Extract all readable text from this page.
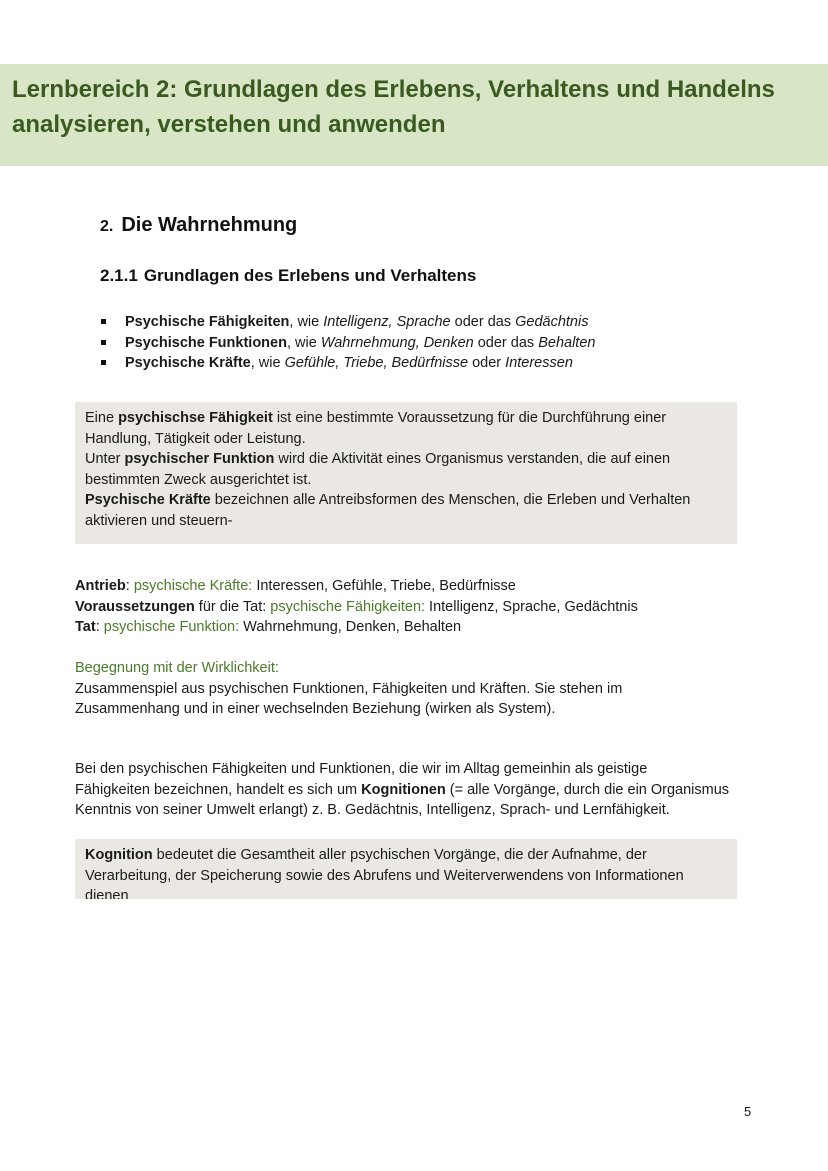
Lernbereich 2: Grundlagen des Erlebens, Verhaltens und Handelns
analysieren, verstehen und anwenden
2. Die Wahrnehmung
2.1.1 Grundlagen des Erlebens und Verhaltens
Psychische Fähigkeiten, wie Intelligenz, Sprache oder das Gedächtnis
Psychische Funktionen, wie Wahrnehmung, Denken oder das Behalten
Psychische Kräfte, wie Gefühle, Triebe, Bedürfnisse oder Interessen
Eine psychischse Fähigkeit ist eine bestimmte Voraussetzung für die Durchführung einer
Handlung, Tätigkeit oder Leistung.
Unter psychischer Funktion wird die Aktivität eines Organismus verstanden, die auf einen
bestimmten Zweck ausgerichtet ist.
Psychische Kräfte bezeichnen alle Antreibsformen des Menschen, die Erleben und Verhalten
aktivieren und steuern-
Antrieb: psychische Kräfte: Interessen, Gefühle, Triebe, Bedürfnisse
Voraussetzungen für die Tat: psychische Fähigkeiten: Intelligenz, Sprache, Gedächtnis
Tat: psychische Funktion: Wahrnehmung, Denken, Behalten
Begegnung mit der Wirklichkeit:
Zusammenspiel aus psychischen Funktionen, Fähigkeiten und Kräften. Sie stehen im
Zusammenhang und in einer wechselnden Beziehung (wirken als System).
Bei den psychischen Fähigkeiten und Funktionen, die wir im Alltag gemeinhin als geistige
Fähigkeiten bezeichnen, handelt es sich um Kognitionen (= alle Vorgänge, durch die ein Organismus
Kenntnis von seiner Umwelt erlangt) z. B. Gedächtnis, Intelligenz, Sprach- und Lernfähigkeit.
Kognition bedeutet die Gesamtheit aller psychischen Vorgänge, die der Aufnahme, der
Verarbeitung, der Speicherung sowie des Abrufens und Weiterverwendens von Informationen
dienen
5
